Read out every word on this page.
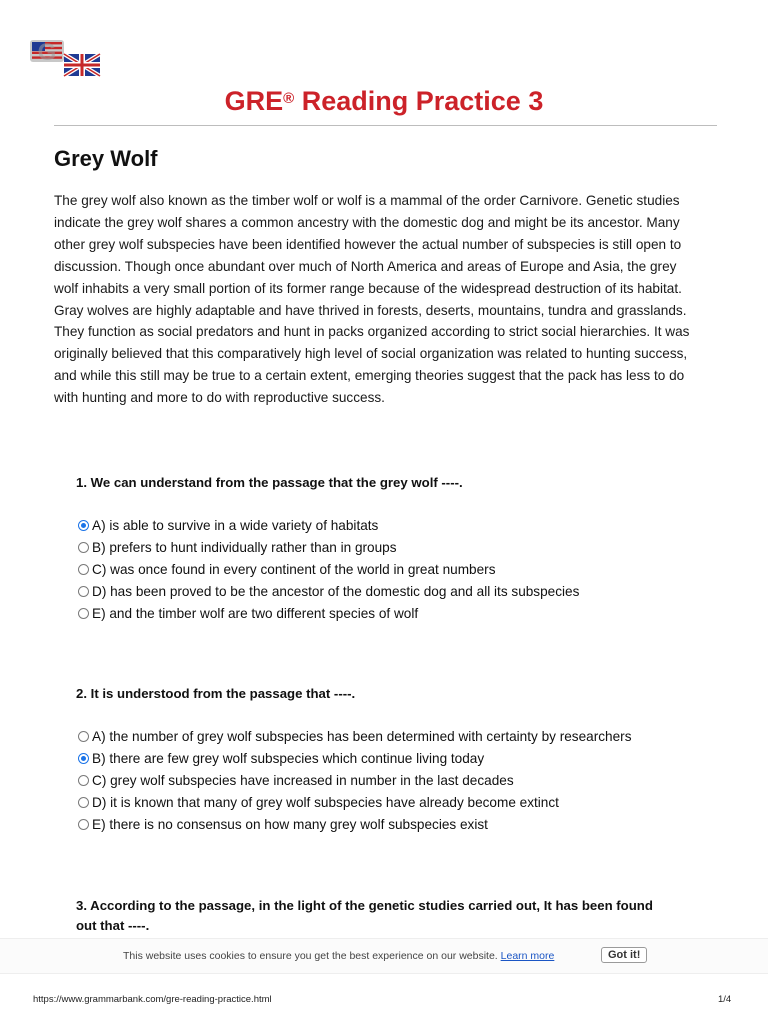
G
GRE® Reading Practice 3
Grey Wolf
The grey wolf also known as the timber wolf or wolf is a mammal of the order Carnivore. Genetic studies
indicate the grey wolf shares a common ancestry with the domestic dog and might be its ancestor. Many
other grey wolf subspecies have been identified however the actual number of subspecies is still open to
discussion. Though once abundant over much of North America and areas of Europe and Asia, the grey
wolf inhabits a very small portion of its former range because of the widespread destruction of its habitat.
Gray wolves are highly adaptable and have thrived in forests, deserts, mountains, tundra and grasslands.
They function as social predators and hunt in packs organized according to strict social hierarchies. It was
originally believed that this comparatively high level of social organization was related to hunting success,
and while this still may be true to a certain extent, emerging theories suggest that the pack has less to do
with hunting and more to do with reproductive success.
1. We can understand from the passage that the grey wolf ----.
A) is able to survive in a wide variety of habitats
B) prefers to hunt individually rather than in groups
C) was once found in every continent of the world in great numbers
D) has been proved to be the ancestor of the domestic dog and all its subspecies
E) and the timber wolf are two different species of wolf
2. It is understood from the passage that ----.
A) the number of grey wolf subspecies has been determined with certainty by researchers
B) there are few grey wolf subspecies which continue living today
C) grey wolf subspecies have increased in number in the last decades
D) it is known that many of grey wolf subspecies have already become extinct
E) there is no consensus on how many grey wolf subspecies exist
3. According to the passage, in the light of the genetic studies carried out, It has been found
out that ----.
This website uses cookies to ensure you get the best experience on our website. Learn more	Got it!
https://www.grammarbank.com/gre-reading-practice.html	1/4
